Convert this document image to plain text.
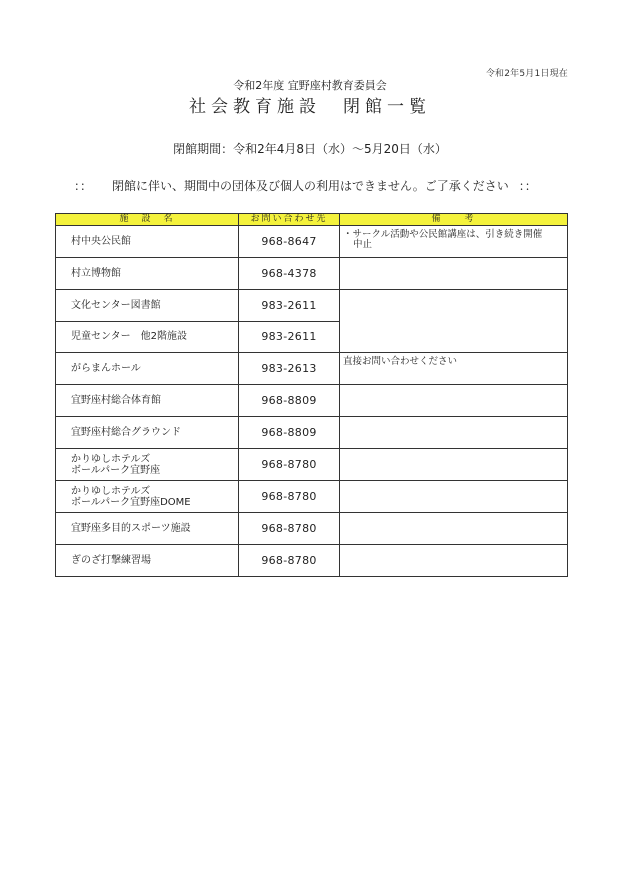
令和2年5月1日現在
令和2年度 宜野座村教育委員会
社会教育施設　閉館一覧
閉館期間：令和2年4月8日（水）～5月20日（水）
：： 閉館に伴い、期間中の団体及び個人の利用はできません。ご了承ください ：：
施　設　名	お問い合わせ先	備　　考
村中央公民館	968-8647	・サークル活動や公民館講座は、引き続き開催
中止

村立博物館	968-4378	
文化センター図書館	983-2611	
児童センター　他2階施設	983-2611	
がらまんホール	983-2613	直接お問い合わせください
宜野座村総合体育館	968-8809	
宜野座村総合グラウンド	968-8809	

かりゆしホテルズ
ボールパーク宜野座	968-8780	

かりゆしホテルズ
ボールパーク宜野座DOME	968-8780	
宜野座多目的スポーツ施設	968-8780	
ぎのざ打撃練習場	968-8780	
